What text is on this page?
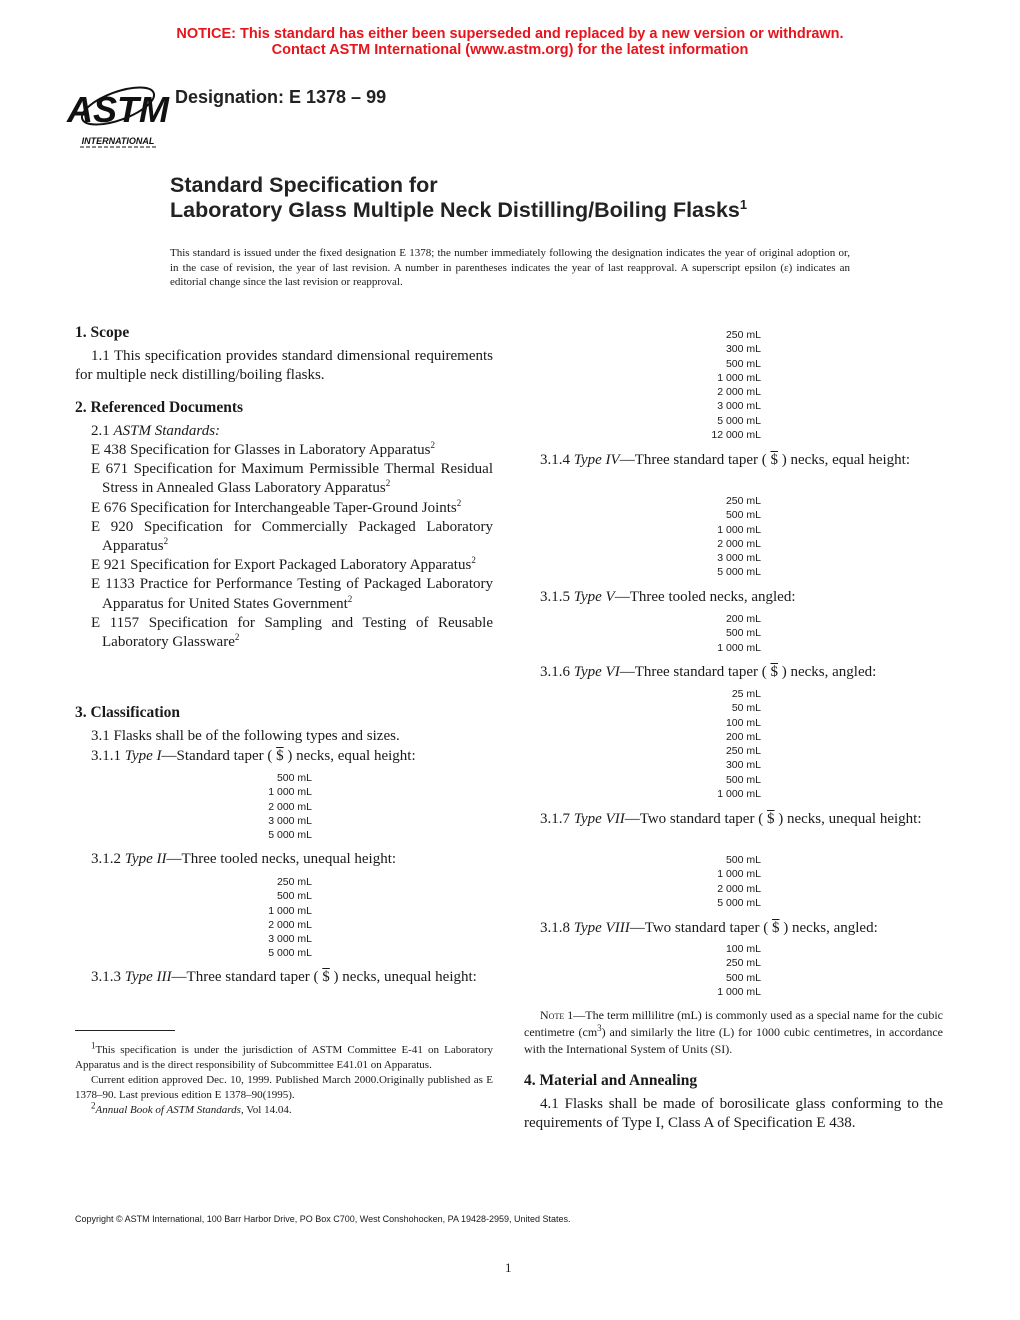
NOTICE: This standard has either been superseded and replaced by a new version or withdrawn.
Contact ASTM International (www.astm.org) for the latest information
ASTM
INTERNATIONAL
Designation: E 1378 – 99
Standard Specification for
Laboratory Glass Multiple Neck Distilling/Boiling Flasks$^1$
This standard is issued under the fixed designation E 1378; the number immediately following the designation indicates the year of original adoption or, in the case of revision, the year of last revision. A number in parentheses indicates the year of last reapproval. A superscript epsilon (ε) indicates an editorial change since the last revision or reapproval.
1. Scope
1.1 This specification provides standard dimensional requirements for multiple neck distilling/boiling flasks.
2. Referenced Documents
2.1 ASTM Standards:
E 438 Specification for Glasses in Laboratory Apparatus$^2$
E 671 Specification for Maximum Permissible Thermal Residual Stress in Annealed Glass Laboratory Apparatus$^2$
E 676 Specification for Interchangeable Taper-Ground Joints$^2$
E 920 Specification for Commercially Packaged Laboratory Apparatus$^2$
E 921 Specification for Export Packaged Laboratory Apparatus$^2$
E 1133 Practice for Performance Testing of Packaged Laboratory Apparatus for United States Government$^2$
E 1157 Specification for Sampling and Testing of Reusable Laboratory Glassware$^2$
3. Classification
3.1 Flasks shall be of the following types and sizes.
3.1.1 Type I—Standard taper ( $ ) necks, equal height:
500 mL
1 000 mL
2 000 mL
3 000 mL
5 000 mL
3.1.2 Type II—Three tooled necks, unequal height:
250 mL
500 mL
1 000 mL
2 000 mL
3 000 mL
5 000 mL
3.1.3 Type III—Three standard taper ( $ ) necks, unequal height:
$^1$This specification is under the jurisdiction of ASTM Committee E-41 on Laboratory Apparatus and is the direct responsibility of Subcommittee E41.01 on Apparatus.
Current edition approved Dec. 10, 1999. Published March 2000.Originally published as E 1378–90. Last previous edition E 1378–90(1995).
$^2$Annual Book of ASTM Standards, Vol 14.04.
250 mL
300 mL
500 mL
1 000 mL
2 000 mL
3 000 mL
5 000 mL
12 000 mL
3.1.4 Type IV—Three standard taper ( $ ) necks, equal height:
250 mL
500 mL
1 000 mL
2 000 mL
3 000 mL
5 000 mL
3.1.5 Type V—Three tooled necks, angled:
200 mL
500 mL
1 000 mL
3.1.6 Type VI—Three standard taper ( $ ) necks, angled:
25 mL
50 mL
100 mL
200 mL
250 mL
300 mL
500 mL
1 000 mL
3.1.7 Type VII—Two standard taper ( $ ) necks, unequal height:
500 mL
1 000 mL
2 000 mL
5 000 mL
3.1.8 Type VIII—Two standard taper ( $ ) necks, angled:
100 mL
250 mL
500 mL
1 000 mL
Note 1—The term millilitre (mL) is commonly used as a special name for the cubic centimetre $(cm^3)$ and similarly the litre (L) for 1000 cubic centimetres, in accordance with the International System of Units (SI).
4. Material and Annealing
4.1 Flasks shall be made of borosilicate glass conforming to the requirements of Type I, Class A of Specification E 438.
Copyright © ASTM International, 100 Barr Harbor Drive, PO Box C700, West Conshohocken, PA 19428-2959, United States.
1
